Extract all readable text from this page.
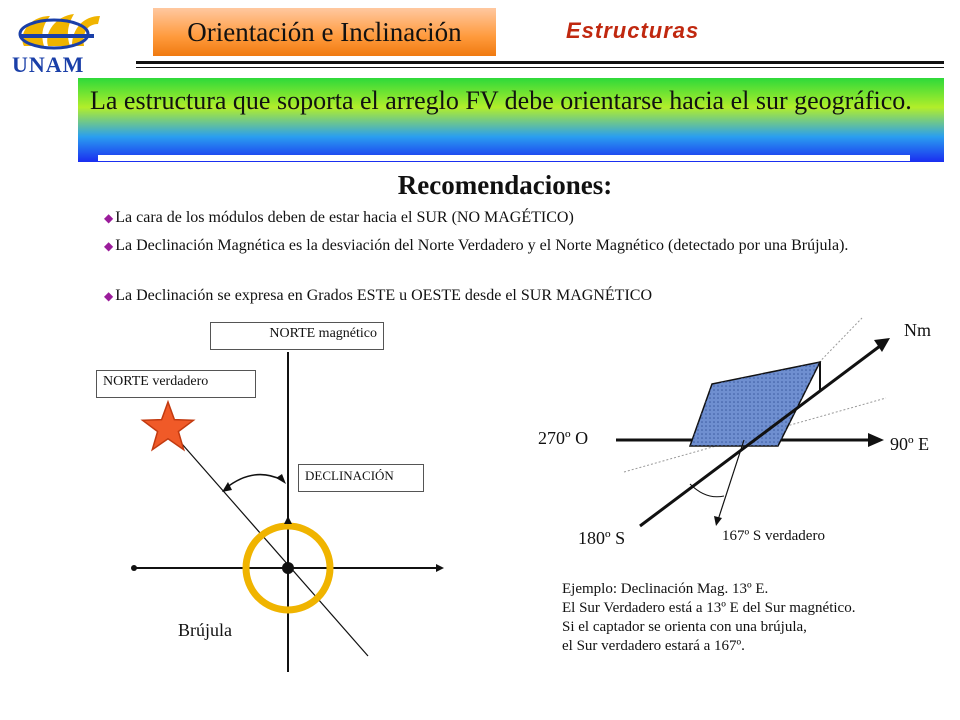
UNAM
Orientación e Inclinación	Estructuras
La estructura que soporta el arreglo FV debe orientarse hacia el sur geográfico.
Recomendaciones:
◆ La cara de los módulos deben de estar hacia el SUR (NO MAGÉTICO)
◆ La Declinación Magnética es la desviación del Norte Verdadero y el Norte Magnético (detectado por una Brújula).
◆ La Declinación se expresa en Grados ESTE u OESTE desde el SUR MAGNÉTICO
NORTE magnético
NORTE verdadero
DECLINACIÓN
Brújula
Nm
270º O	90º E
180º S	167º S verdadero
Ejemplo: Declinación Mag. 13º E.
El Sur Verdadero está a 13º E del Sur magnético.
Si el captador se orienta con una brújula,
el Sur verdadero estará a 167º.
